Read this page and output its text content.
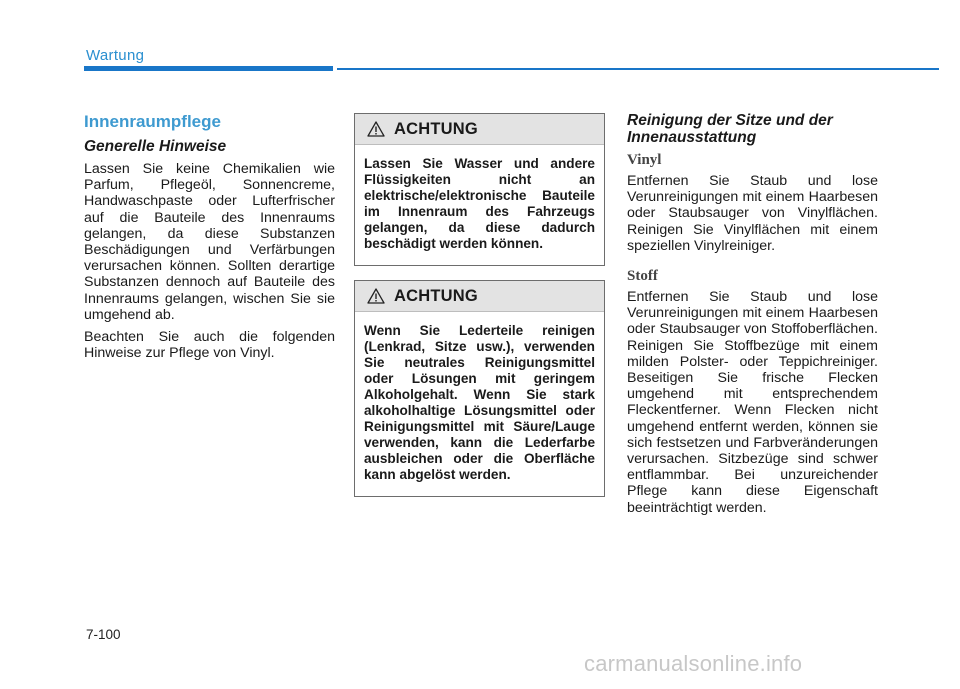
Wartung
Innenraumpflege
Generelle Hinweise

Lassen Sie keine Chemikalien wie Parfum, Pflegeöl, Sonnencreme, Handwaschpaste oder Lufterfrischer auf die Bauteile des Innenraums gelangen, da diese Substanzen Beschädigungen und Verfärbungen verursachen können. Sollten derartige Substanzen dennoch auf Bauteile des Innenraums gelangen, wischen Sie sie umgehend ab.

Beachten Sie auch die folgenden Hinweise zur Pflege von Vinyl.

ACHTUNG
Lassen Sie Wasser und andere Flüssigkeiten nicht an elektrische/elektronische Bauteile im Innenraum des Fahrzeugs gelangen, da diese dadurch beschädigt werden können.
ACHTUNG
Wenn Sie Lederteile reinigen (Lenkrad, Sitze usw.), verwenden Sie neutrales Reinigungsmittel oder Lösungen mit geringem Alkoholgehalt. Wenn Sie stark alkoholhaltige Lösungsmittel oder Reinigungsmittel mit Säure/Lauge verwenden, kann die Lederfarbe ausbleichen oder die Oberfläche kann abgelöst werden.
Reinigung der Sitze und der Innenausstattung
Vinyl

Entfernen Sie Staub und lose Verunreinigungen mit einem Haarbesen oder Staubsauger von Vinylflächen. Reinigen Sie Vinylflächen mit einem speziellen Vinylreiniger.

Stoff

Entfernen Sie Staub und lose Verunreinigungen mit einem Haarbesen oder Staubsauger von Stoffoberflächen. Reinigen Sie Stoffbezüge mit einem milden Polster- oder Teppichreiniger. Beseitigen Sie frische Flecken umgehend mit entsprechendem Fleckentferner. Wenn Flecken nicht umgehend entfernt werden, können sie sich festsetzen und Farbveränderungen verursachen. Sitzbezüge sind schwer entflammbar. Bei unzureichender Pflege kann diese Eigenschaft beeinträchtigt werden.

7-100
carmanualsonline.info
